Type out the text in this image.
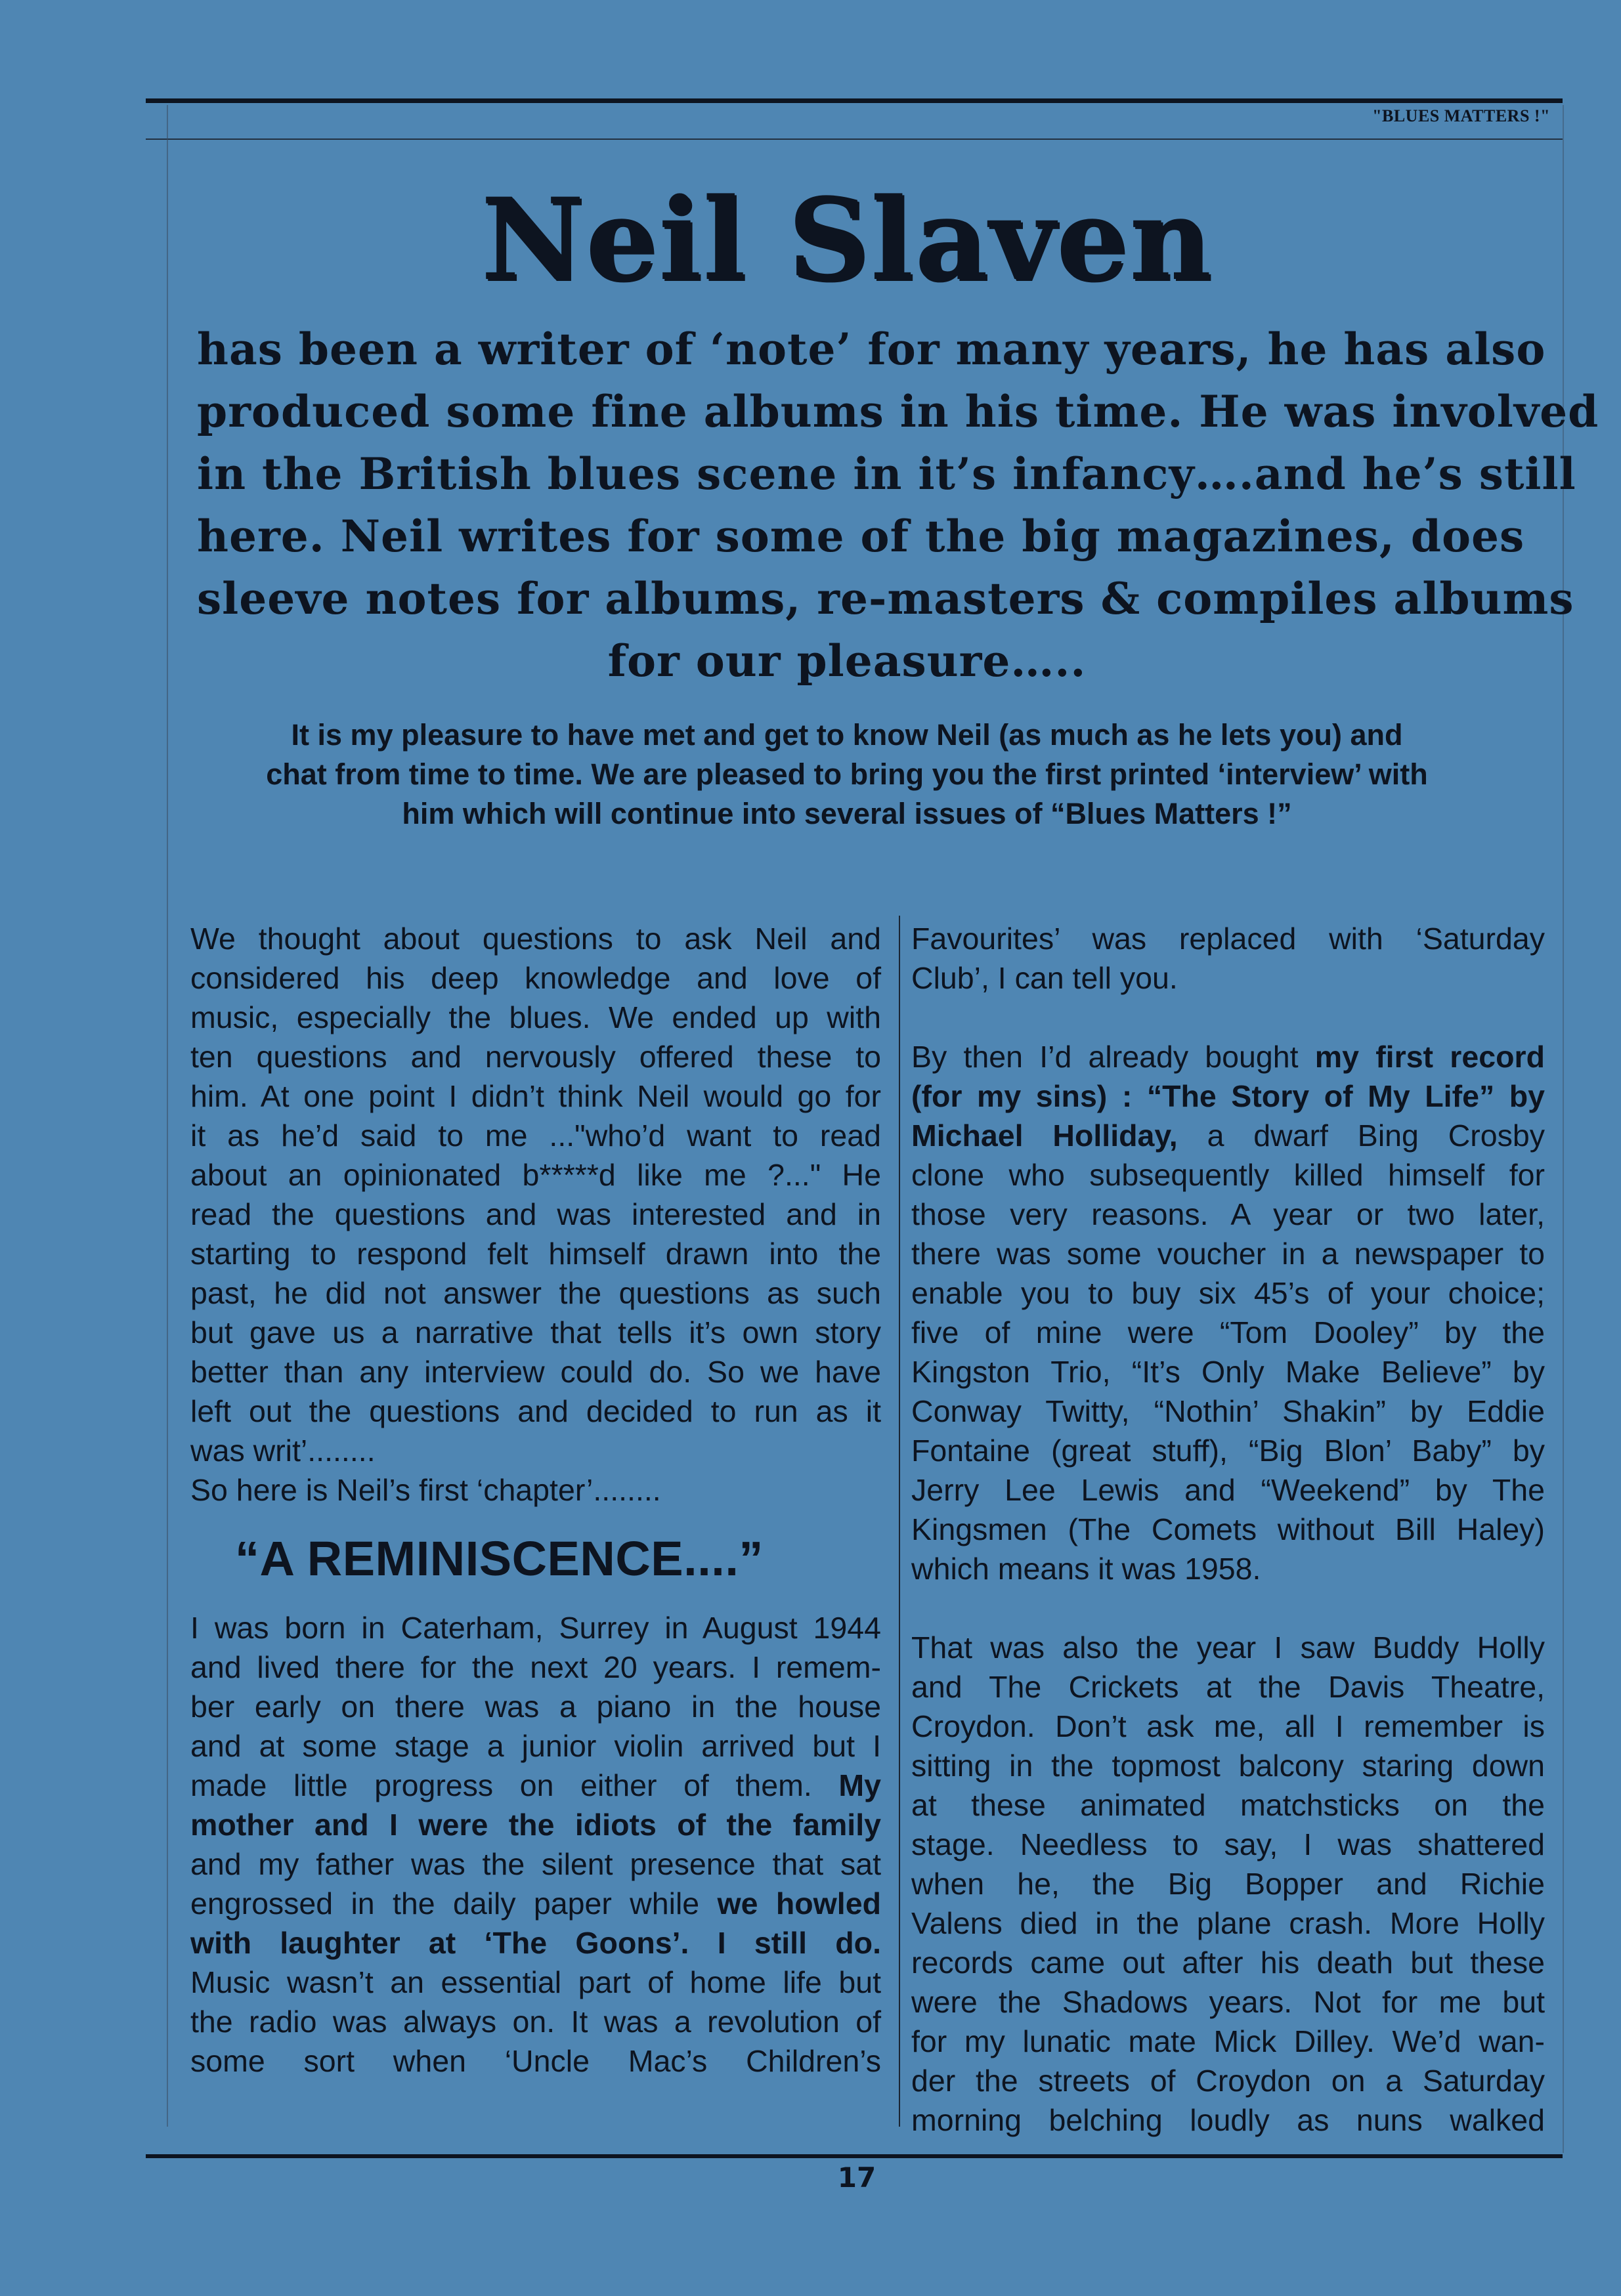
"BLUES MATTERS !"
Neil Slaven
has been a writer of ‘note’ for many years, he has also
produced some fine albums in his time. He was involved
in the British blues scene in it’s infancy….and he’s still
here. Neil writes for some of the big magazines, does
sleeve notes for albums, re-masters & compiles albums
for our pleasure…..
It is my pleasure to have met and get to know Neil (as much as he lets you) and
chat from time to time. We are pleased to bring you the first printed ‘interview’ with
him which will continue into several issues of “Blues Matters !”
We thought about questions to ask Neil and
considered his deep knowledge and love of
music, especially the blues. We ended up with
ten questions and nervously offered these to
him. At one point I didn’t think Neil would go for
it as he’d said to me ..."who’d want to read
about an opinionated b*****d like me ?..." He
read the questions and was interested and in
starting to respond felt himself drawn into the
past, he did not answer the questions as such
but gave us a narrative that tells it’s own story
better than any interview could do. So we have
left out the questions and decided to run as it
was writ’........
So here is Neil’s first ‘chapter’........
“A REMINISCENCE....”
I was born in Caterham, Surrey in August 1944
and lived there for the next 20 years. I remem-
ber early on there was a piano in the house
and at some stage a junior violin arrived but I
made little progress on either of them. My
mother and I were the idiots of the family
and my father was the silent presence that sat
engrossed in the daily paper while we howled
with laughter at ‘The Goons’. I still do.
Music wasn’t an essential part of home life but
the radio was always on. It was a revolution of
some sort when ‘Uncle Mac’s Children’s
Favourites’ was replaced with ‘Saturday
Club’, I can tell you.
By then I’d already bought my first record
(for my sins) : “The Story of My Life” by
Michael Holliday, a dwarf Bing Crosby
clone who subsequently killed himself for
those very reasons. A year or two later,
there was some voucher in a newspaper to
enable you to buy six 45’s of your choice;
five of mine were “Tom Dooley” by the
Kingston Trio, “It’s Only Make Believe” by
Conway Twitty, “Nothin’ Shakin” by Eddie
Fontaine (great stuff), “Big Blon’ Baby” by
Jerry Lee Lewis and “Weekend” by The
Kingsmen (The Comets without Bill Haley)
which means it was 1958.
That was also the year I saw Buddy Holly
and The Crickets at the Davis Theatre,
Croydon. Don’t ask me, all I remember is
sitting in the topmost balcony staring down
at these animated matchsticks on the
stage. Needless to say, I was shattered
when he, the Big Bopper and Richie
Valens died in the plane crash. More Holly
records came out after his death but these
were the Shadows years. Not for me but
for my lunatic mate Mick Dilley. We’d wan-
der the streets of Croydon on a Saturday
morning belching loudly as nuns walked
17
